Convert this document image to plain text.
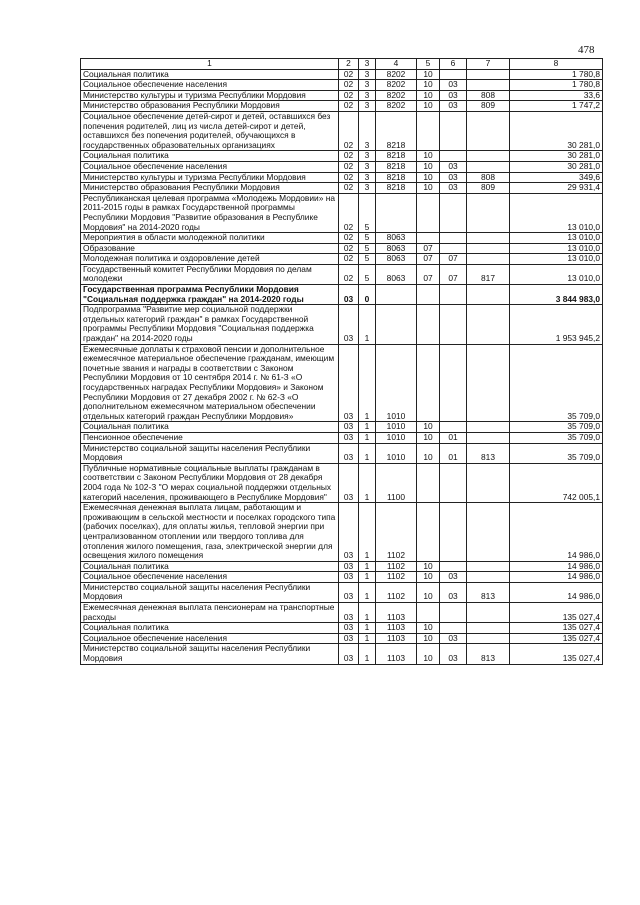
478
1	2	3	4	5	6	7	8
Социальная политика	02	3	8202	10			1 780,8
Социальное обеспечение населения	02	3	8202	10	03		1 780,8
Министерство культуры и туризма Республики Мордовия	02	3	8202	10	03	808	33,6
Министерство образования Республики Мордовия	02	3	8202	10	03	809	1 747,2
Социальное обеспечение детей-сирот и детей, оставшихся без попечения родителей, лиц из числа детей-сирот и детей, оставшихся без попечения родителей, обучающихся в государственных образовательных организациях	02	3	8218				30 281,0
Социальная политика	02	3	8218	10			30 281,0
Социальное обеспечение населения	02	3	8218	10	03		30 281,0
Министерство культуры и туризма Республики Мордовия	02	3	8218	10	03	808	349,6
Министерство образования Республики Мордовия	02	3	8218	10	03	809	29 931,4
Республиканская целевая программа «Молодежь Мордовии» на 2011-2015 годы в рамках Государственной программы Республики Мордовия "Развитие образования в Республике Мордовия" на 2014-2020 годы	02	5					13 010,0
Мероприятия в области молодежной политики	02	5	8063				13 010,0
Образование	02	5	8063	07			13 010,0
Молодежная политика и оздоровление детей	02	5	8063	07	07		13 010,0
Государственный комитет Республики Мордовия по делам молодежи	02	5	8063	07	07	817	13 010,0
Государственная программа Республики Мордовия "Социальная поддержка граждан" на 2014-2020 годы	03	0					3 844 983,0
Подпрограмма "Развитие мер социальной поддержки отдельных категорий граждан" в рамках Государственной программы Республики Мордовия "Социальная поддержка граждан" на 2014-2020 годы	03	1					1 953 945,2
Ежемесячные доплаты к страховой пенсии и дополнительное ежемесячное материальное обеспечение гражданам, имеющим почетные звания и награды в соответствии с Законом Республики Мордовия от 10 сентября 2014 г. № 61-З «О государственных наградах Республики Мордовия» и Законом Республики Мордовия от 27 декабря 2002 г. № 62-З «О дополнительном ежемесячном материальном обеспечении отдельных категорий граждан Республики Мордовия»	03	1	1010				35 709,0
Социальная политика	03	1	1010	10			35 709,0
Пенсионное обеспечение	03	1	1010	10	01		35 709,0
Министерство социальной защиты населения Республики Мордовия	03	1	1010	10	01	813	35 709,0
Публичные нормативные социальные выплаты гражданам в соответствии с Законом Республики Мордовия от 28 декабря 2004 года № 102-З "О мерах социальной поддержки отдельных категорий населения, проживающего в Республике Мордовия"	03	1	1100				742 005,1
Ежемесячная денежная выплата лицам, работающим и проживающим в сельской местности и поселках городского типа (рабочих поселках), для оплаты жилья, тепловой энергии при централизованном отоплении или твердого топлива для отопления жилого помещения, газа, электрической энергии для освещения жилого помещения	03	1	1102				14 986,0
Социальная политика	03	1	1102	10			14 986,0
Социальное обеспечение населения	03	1	1102	10	03		14 986,0
Министерство социальной защиты населения Республики Мордовия	03	1	1102	10	03	813	14 986,0
Ежемесячная денежная выплата пенсионерам на транспортные расходы	03	1	1103				135 027,4
Социальная политика	03	1	1103	10			135 027,4
Социальное обеспечение населения	03	1	1103	10	03		135 027,4
Министерство социальной защиты населения Республики Мордовия	03	1	1103	10	03	813	135 027,4
